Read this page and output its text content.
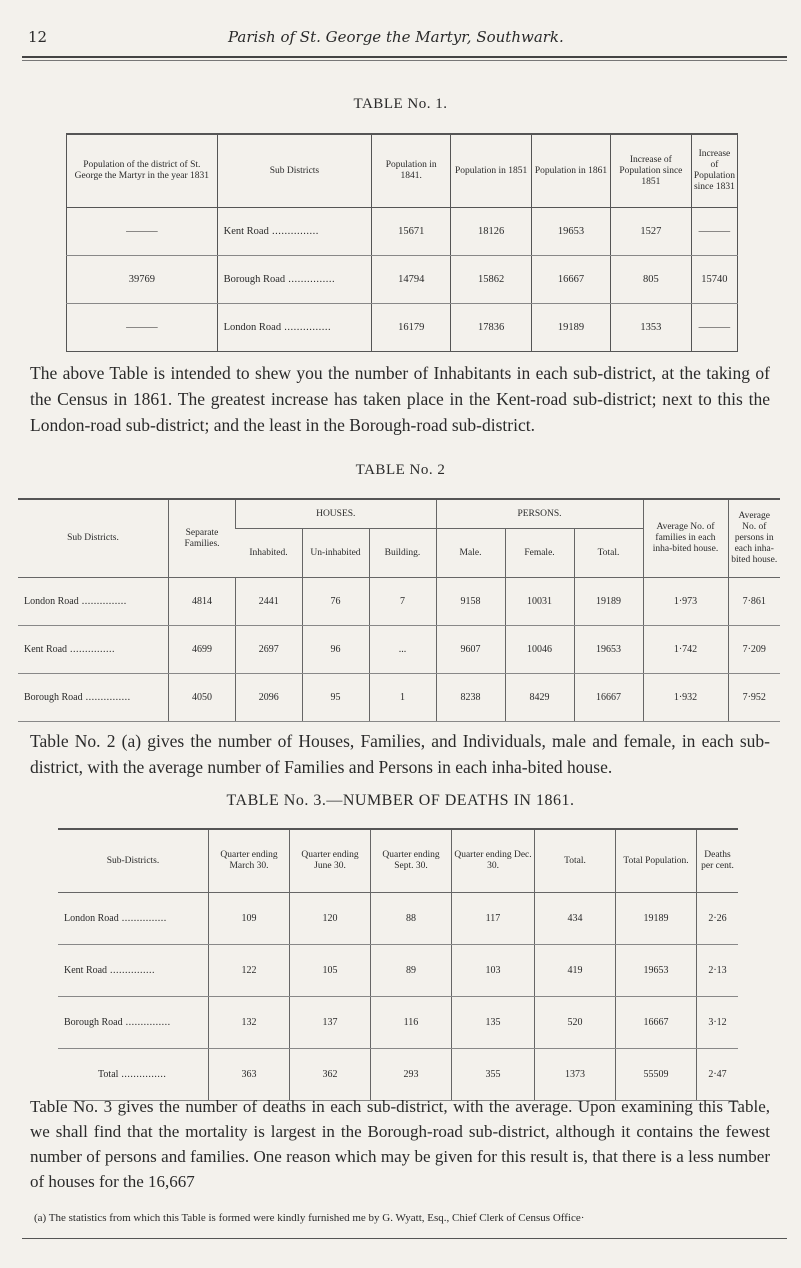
12	Parish of St. George the Martyr, Southwark.
TABLE No. 1.
Population of the district of St. George the Martyr in the year 1831	Sub Districts	Population in 1841.	Population in 1851	Population in 1861	Increase of Population since 1851	Increase of Population since 1831
———	Kent Road .....	15671	18126	19653	1527	———
39769	Borough Road .....	14794	15862	16667	805	15740
———	London Road .....	16179	17836	19189	1353	———

The above Table is intended to shew you the number of Inhabitants in each sub-district, at the taking of the Census in 1861. The greatest increase has taken place in the Kent-road sub-district; next to this the London-road sub-district; and the least in the Borough-road sub-district.

TABLE No. 2
Sub Districts.	Separate Families.	HOUSES.			PERSONS.			Average No. of families in each inha-bited house.	Average No. of persons in each inha-bited house.
		Inhabited.	Un-inhabited	Building.	Male.	Female.	Total.		
London Road .....	4814	2441	76	7	9158	10031	19189	1·973	7·861
Kent Road .....	4699	2697	96	...	9607	10046	19653	1·742	7·209
Borough Road .....	4050	2096	95	1	8238	8429	16667	1·932	7·952

Table No. 2 (a) gives the number of Houses, Families, and Individuals, male and female, in each sub-district, with the average number of Families and Persons in each inha-bited house.

TABLE No. 3.—NUMBER OF DEATHS IN 1861.
Sub-Districts.	Quarter ending March 30.	Quarter ending June 30.	Quarter ending Sept. 30.	Quarter ending Dec. 30.	Total.	Total Population.	Deaths per cent.
London Road .....	109	120	88	117	434	19189	2·26
Kent Road .....	122	105	89	103	419	19653	2·13
Borough Road .....	132	137	116	135	520	16667	3·12
Total .....	363	362	293	355	1373	55509	2·47

Table No. 3 gives the number of deaths in each sub-district, with the average. Upon examining this Table, we shall find that the mortality is largest in the Borough-road sub-district, although it contains the fewest number of persons and families. One reason which may be given for this result is, that there is a less number of houses for the 16,667

(a) The statistics from which this Table is formed were kindly furnished me by G. Wyatt, Esq., Chief Clerk of Census Office·
